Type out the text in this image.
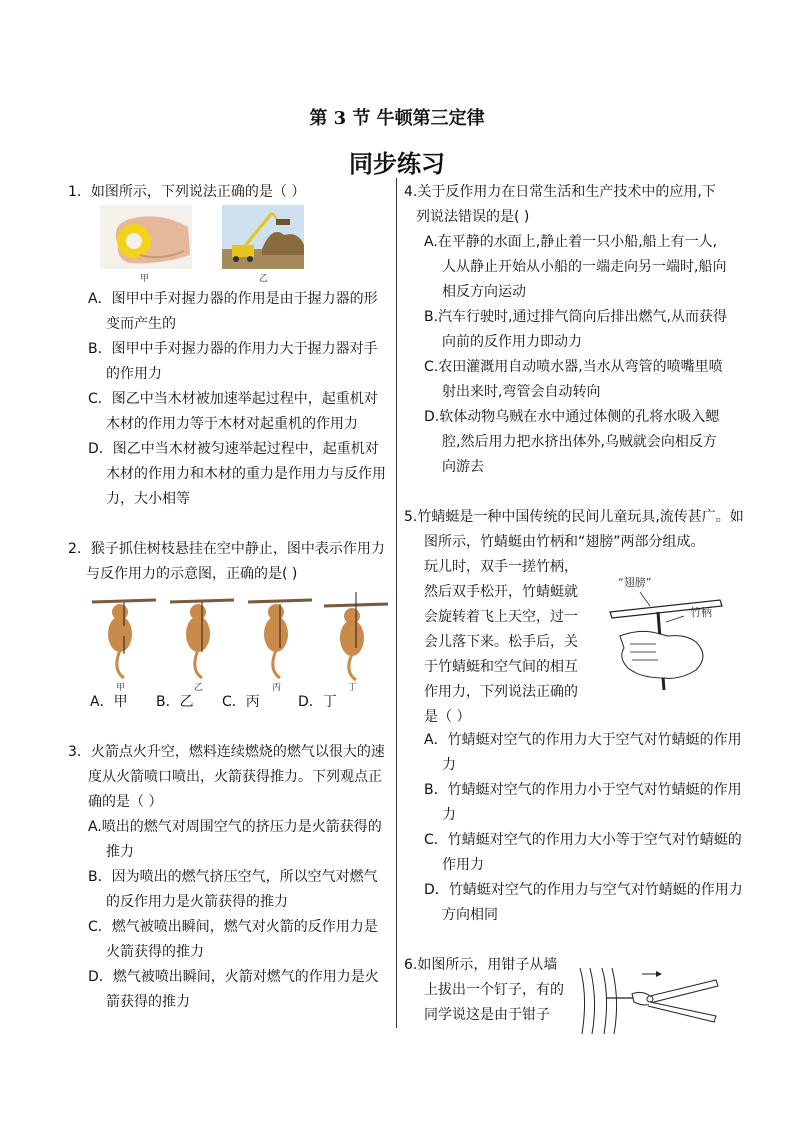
第 3 节 牛顿第三定律
同步练习

1．如图所示，下列说法正确的是（ ）

甲	乙

A．图甲中手对握力器的作用是由于握力器的形变而产生的

B．图甲中手对握力器的作用力大于握力器对手的作用力

C．图乙中当木材被加速举起过程中，起重机对木材的作用力等于木材对起重机的作用力

D．图乙中当木材被匀速举起过程中，起重机对木材的作用力和木材的重力是作用力与反作用力，大小相等

2．猴子抓住树枝悬挂在空中静止，图中表示作用力

与反作用力的示意图，正确的是( )

甲	乙	丙	丁
A．甲	B．乙	C．丙	D．丁

3．火箭点火升空，燃料连续燃烧的燃气以很大的速度从火箭喷口喷出，火箭获得推力。下列观点正确的是（ ）

A.喷出的燃气对周围空气的挤压力是火箭获得的推力

B．因为喷出的燃气挤压空气，所以空气对燃气的反作用力是火箭获得的推力

C．燃气被喷出瞬间，燃气对火箭的反作用力是火箭获得的推力

D．燃气被喷出瞬间，火箭对燃气的作用力是火箭获得的推力

4.关于反作用力在日常生活和生产技术中的应用,下列说法错误的是( )

A.在平静的水面上,静止着一只小船,船上有一人,人从静止开始从小船的一端走向另一端时,船向相反方向运动

B.汽车行驶时,通过排气筒向后排出燃气,从而获得向前的反作用力即动力

C.农田灌溉用自动喷水器,当水从弯管的喷嘴里喷射出来时,弯管会自动转向

D.软体动物乌贼在水中通过体侧的孔将水吸入鳃腔,然后用力把水挤出体外,乌贼就会向相反方向游去

5.竹蜻蜓是一种中国传统的民间儿童玩具,流传甚广。如图所示，竹蜻蜓由竹柄和“翅膀”两部分组成。

玩儿时，双手一搓竹柄，然后双手松开，竹蜻蜓就会旋转着飞上天空，过一会儿落下来。松手后，关于竹蜻蜓和空气间的相互作用力，下列说法正确的是（ ）

“翅膀”
竹柄

A．竹蜻蜓对空气的作用力大于空气对竹蜻蜓的作用力

B．竹蜻蜓对空气的作用力小于空气对竹蜻蜓的作用力

C．竹蜻蜓对空气的作用力大小等于空气对竹蜻蜓的作用力

D．竹蜻蜓对空气的作用力与空气对竹蜻蜓的作用力方向相同

6.如图所示，用钳子从墙上拔出一个钉子，有的同学说这是由于钳子
